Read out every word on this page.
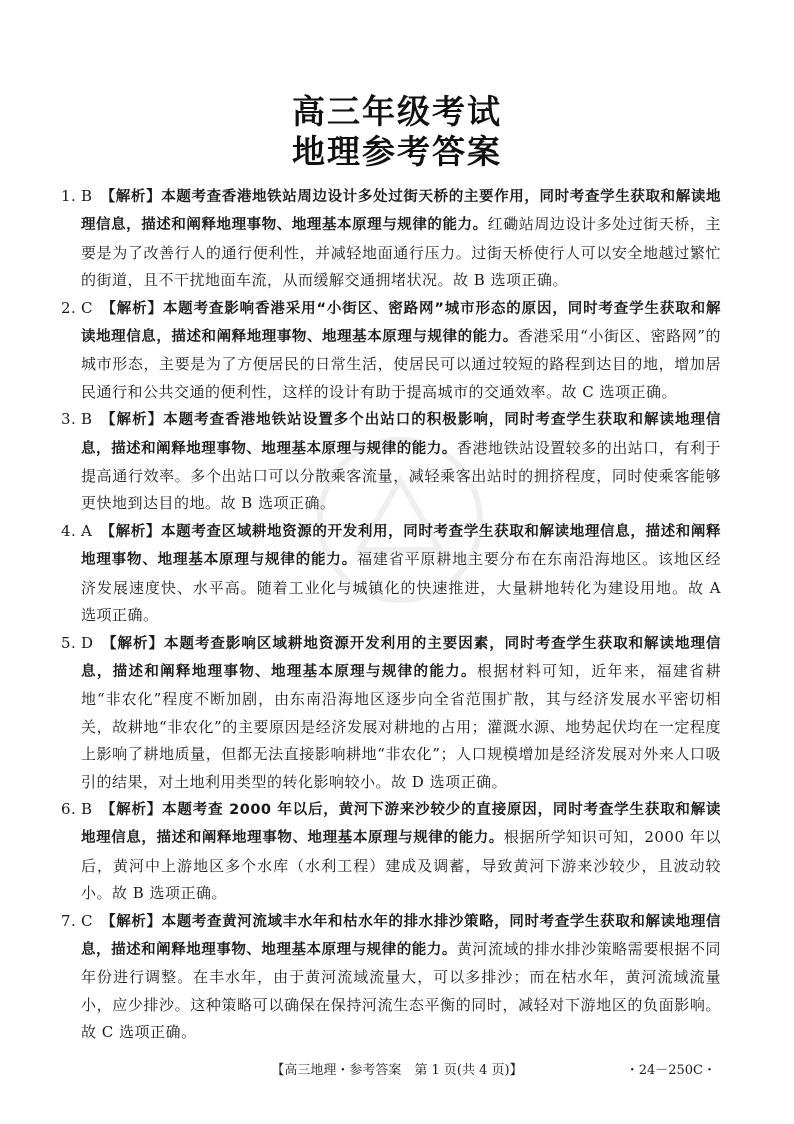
高三年级考试
地理参考答案
1. B 【解析】本题考查香港地铁站周边设计多处过街天桥的主要作用，同时考查学生获取和解读地理信息，描述和阐释地理事物、地理基本原理与规律的能力。红磡站周边设计多处过街天桥，主要是为了改善行人的通行便利性，并减轻地面通行压力。过街天桥使行人可以安全地越过繁忙的街道，且不干扰地面车流，从而缓解交通拥堵状况。故 B 选项正确。
2. C 【解析】本题考查影响香港采用“小街区、密路网”城市形态的原因，同时考查学生获取和解读地理信息，描述和阐释地理事物、地理基本原理与规律的能力。香港采用“小街区、密路网”的城市形态，主要是为了方便居民的日常生活，使居民可以通过较短的路程到达目的地，增加居民通行和公共交通的便利性，这样的设计有助于提高城市的交通效率。故 C 选项正确。
3. B 【解析】本题考查香港地铁站设置多个出站口的积极影响，同时考查学生获取和解读地理信息，描述和阐释地理事物、地理基本原理与规律的能力。香港地铁站设置较多的出站口，有利于提高通行效率。多个出站口可以分散乘客流量，减轻乘客出站时的拥挤程度，同时使乘客能够更快地到达目的地。故 B 选项正确。
4. A 【解析】本题考查区域耕地资源的开发利用，同时考查学生获取和解读地理信息，描述和阐释地理事物、地理基本原理与规律的能力。福建省平原耕地主要分布在东南沿海地区。该地区经济发展速度快、水平高。随着工业化与城镇化的快速推进，大量耕地转化为建设用地。故 A 选项正确。
5. D 【解析】本题考查影响区域耕地资源开发利用的主要因素，同时考查学生获取和解读地理信息，描述和阐释地理事物、地理基本原理与规律的能力。根据材料可知，近年来，福建省耕地“非农化”程度不断加剧，由东南沿海地区逐步向全省范围扩散，其与经济发展水平密切相关，故耕地“非农化”的主要原因是经济发展对耕地的占用；灌溉水源、地势起伏均在一定程度上影响了耕地质量，但都无法直接影响耕地“非农化”；人口规模增加是经济发展对外来人口吸引的结果，对土地利用类型的转化影响较小。故 D 选项正确。
6. B 【解析】本题考查 2000 年以后，黄河下游来沙较少的直接原因，同时考查学生获取和解读地理信息，描述和阐释地理事物、地理基本原理与规律的能力。根据所学知识可知，2000 年以后，黄河中上游地区多个水库（水利工程）建成及调蓄，导致黄河下游来沙较少，且波动较小。故 B 选项正确。
7. C 【解析】本题考查黄河流域丰水年和枯水年的排水排沙策略，同时考查学生获取和解读地理信息，描述和阐释地理事物、地理基本原理与规律的能力。黄河流域的排水排沙策略需要根据不同年份进行调整。在丰水年，由于黄河流域流量大，可以多排沙；而在枯水年，黄河流域流量小，应少排沙。这种策略可以确保在保持河流生态平衡的同时，减轻对下游地区的负面影响。故 C 选项正确。
【高三地理・参考答案　第 1 页(共 4 页)】	・24－250C・
